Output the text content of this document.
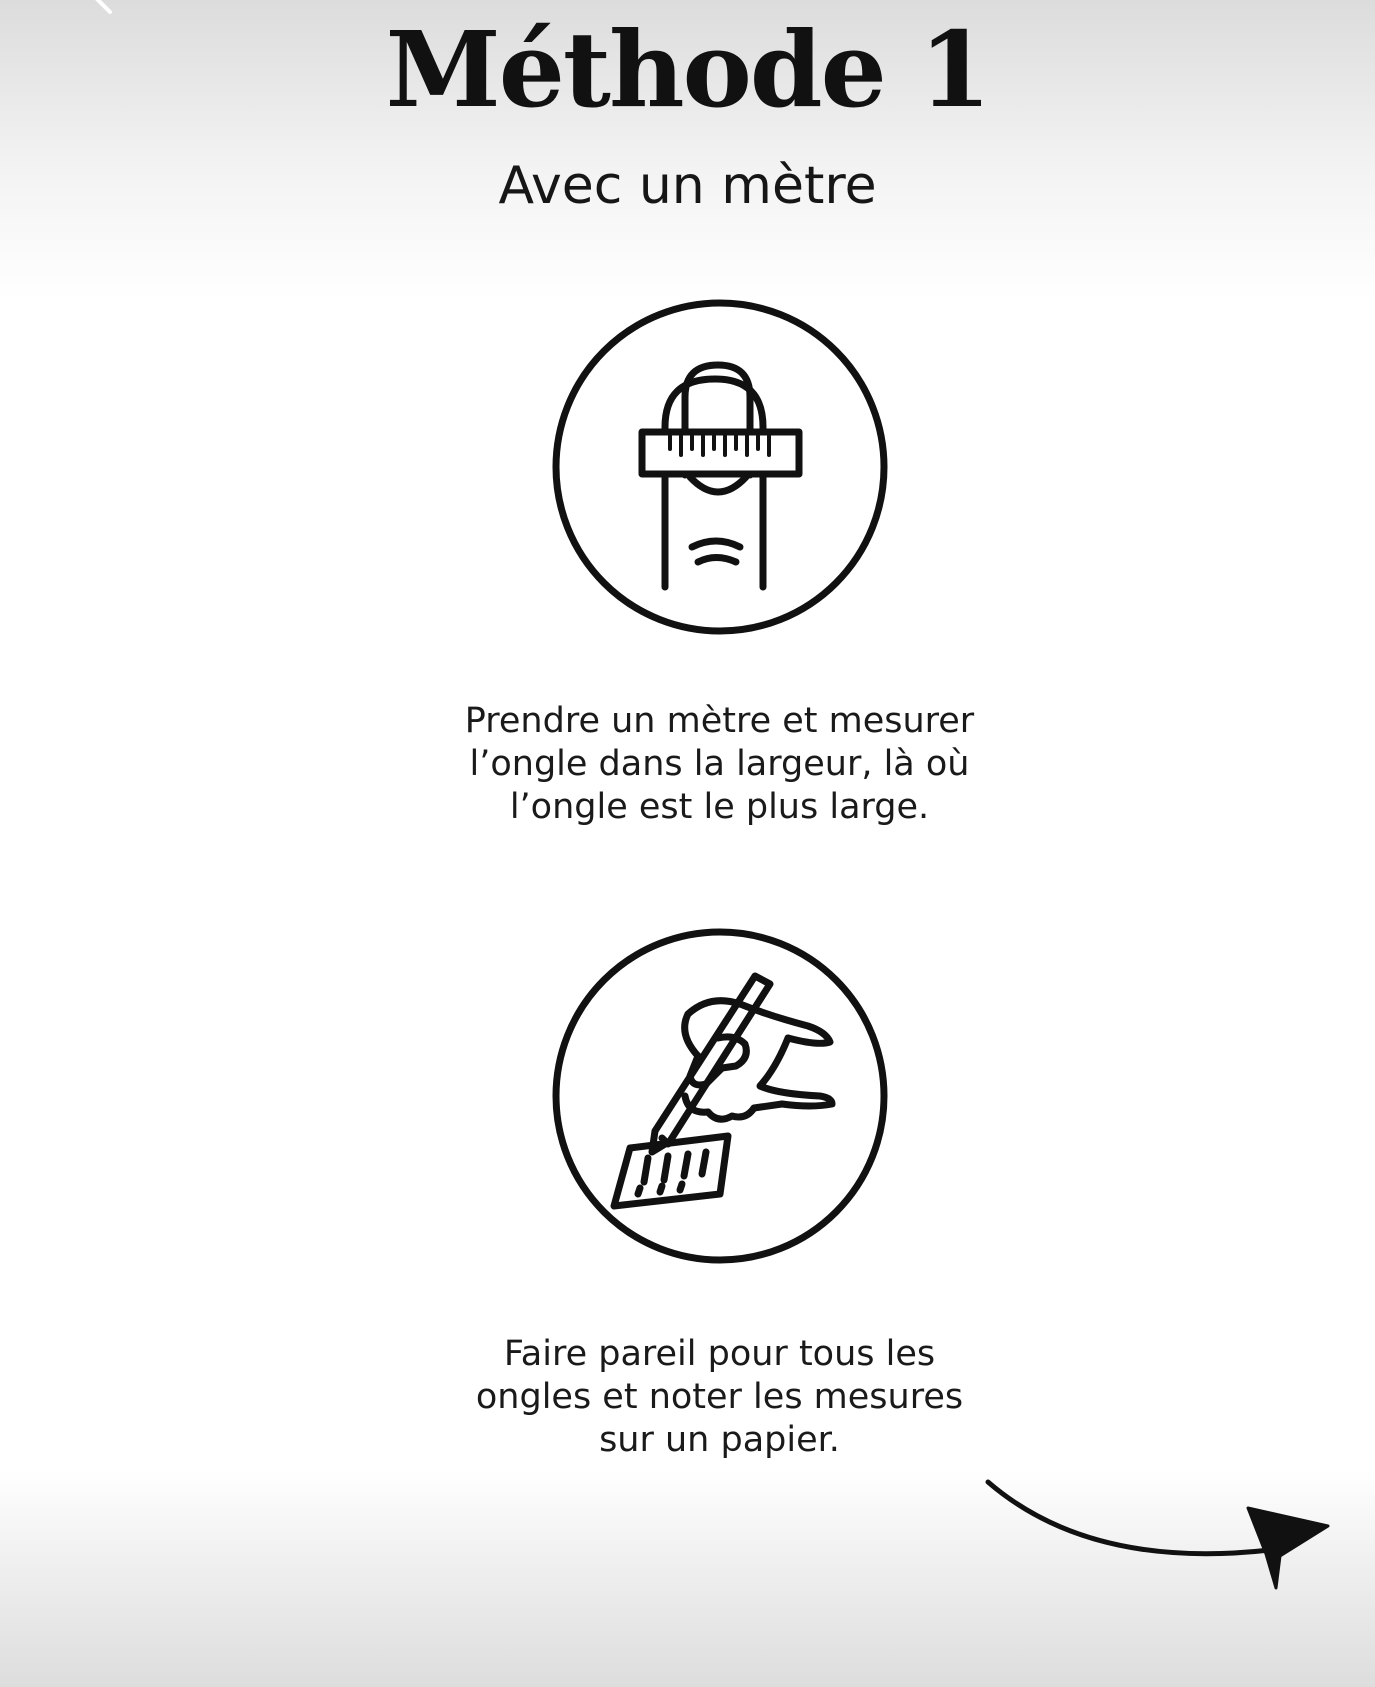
Méthode 1
Avec un mètre
Prendre un mètre et mesurer
l’ongle dans la largeur, là où
l’ongle est le plus large.
Faire pareil pour tous les
ongles et noter les mesures
sur un papier.
